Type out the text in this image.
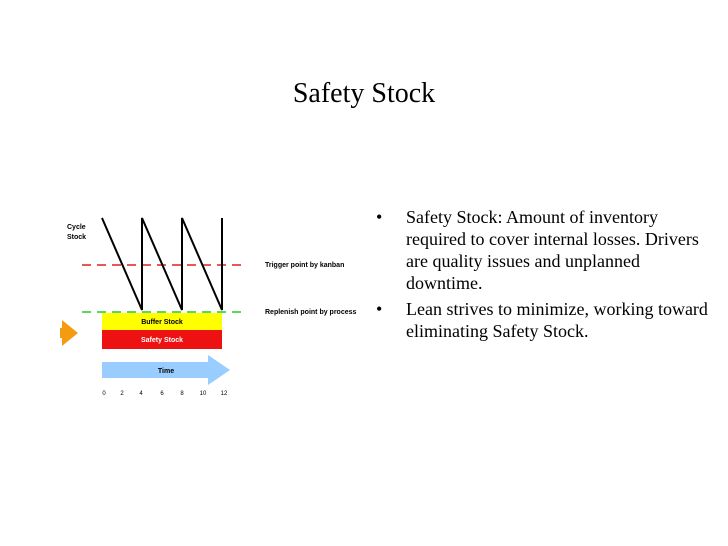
Safety Stock
• Safety Stock: Amount of inventory required to cover internal losses. Drivers are quality issues and unplanned downtime.
• Lean strives to minimize, working toward eliminating Safety Stock.
Cycle
Stock
Trigger point by kanban
Replenish point by process
Buffer Stock
Safety Stock
Time
0 2	4	6	8	10 12
